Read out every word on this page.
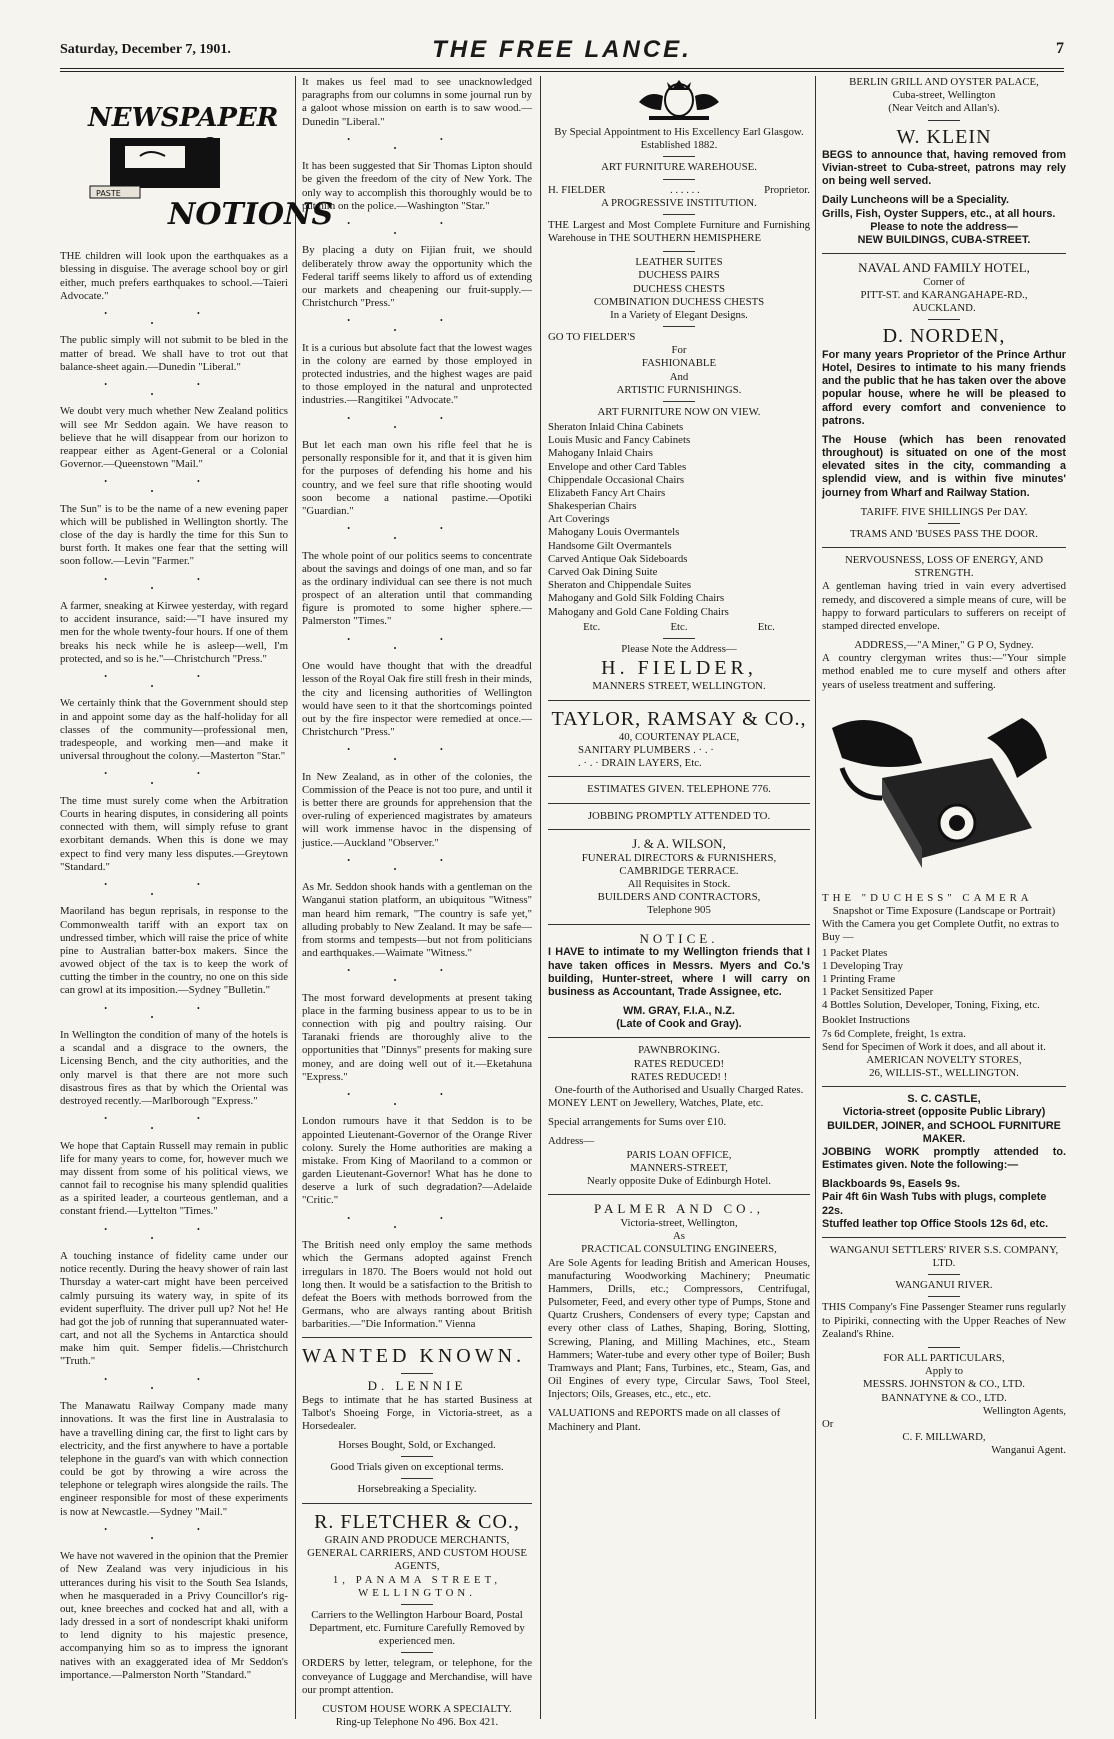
Saturday, December 7, 1901.	THE FREE LANCE.	7
NEWSPAPER
PASTE
NOTIONS

THE children will look upon the earthquakes as a blessing in disguise. The average school boy or girl either, much prefers earthquakes to school.—Taieri Advocate."

• • •

The public simply will not submit to be bled in the matter of bread. We shall have to trot out that balance-sheet again.—Dunedin "Liberal."

• • •

We doubt very much whether New Zealand politics will see Mr Seddon again. We have reason to believe that he will disappear from our horizon to reappear either as Agent-General or a Colonial Governor.—Queenstown "Mail."

• • •

The Sun" is to be the name of a new evening paper which will be published in Wellington shortly. The close of the day is hardly the time for this Sun to burst forth. It makes one fear that the setting will soon follow.—Levin "Farmer."

• • •

A farmer, sneaking at Kirwee yesterday, with regard to accident insurance, said:—"I have insured my men for the whole twenty-four hours. If one of them breaks his neck while he is asleep—well, I'm protected, and so is he."—Christchurch "Press."

• • •

We certainly think that the Government should step in and appoint some day as the half-holiday for all classes of the community—professional men, tradespeople, and working men—and make it universal throughout the colony.—Masterton "Star."

• • •

The time must surely come when the Arbitration Courts in hearing disputes, in considering all points connected with them, will simply refuse to grant exorbitant demands. When this is done we may expect to find very many less disputes.—Greytown "Standard."

• • •

Maoriland has begun reprisals, in response to the Commonwealth tariff with an export tax on undressed timber, which will raise the price of white pine to Australian batter-box makers. Since the avowed object of the tax is to keep the work of cutting the timber in the country, no one on this side can growl at its imposition.—Sydney "Bulletin."

• • •

In Wellington the condition of many of the hotels is a scandal and a disgrace to the owners, the Licensing Bench, and the city authorities, and the only marvel is that there are not more such disastrous fires as that by which the Oriental was destroyed recently.—Marlborough "Express."

• • •

We hope that Captain Russell may remain in public life for many years to come, for, however much we may dissent from some of his political views, we cannot fail to recognise his many splendid qualities as a spirited leader, a courteous gentleman, and a constant friend.—Lyttelton "Times."

• • •

A touching instance of fidelity came under our notice recently. During the heavy shower of rain last Thursday a water-cart might have been perceived calmly pursuing its watery way, in spite of its evident superfluity. The driver pull up? Not he! He had got the job of running that superannuated water-cart, and not all the Sychems in Antarctica should make him quit. Semper fidelis.—Christchurch "Truth."

• • •

The Manawatu Railway Company made many innovations. It was the first line in Australasia to have a travelling dining car, the first to light cars by electricity, and the first anywhere to have a portable telephone in the guard's van with which connection could be got by throwing a wire across the telephone or telegraph wires alongside the rails. The engineer responsible for most of these experiments is now at Newcastle.—Sydney "Mail."

• • •

We have not wavered in the opinion that the Premier of New Zealand was very injudicious in his utterances during his visit to the South Sea Islands, when he masqueraded in a Privy Councillor's rig-out, knee breeches and cocked hat and all, with a lady dressed in a sort of nondescript khaki uniform to lend dignity to his majestic presence, accompanying him so as to impress the ignorant natives with an exaggerated idea of Mr Seddon's importance.—Palmerston North "Standard."

It makes us feel mad to see unacknowledged paragraphs from our columns in some journal run by a galoot whose mission on earth is to saw wood.—Dunedin "Liberal."

• • •

It has been suggested that Sir Thomas Lipton should be given the freedom of the city of New York. The only way to accomplish this thoroughly would be to put him on the police.—Washington "Star."

• • •

By placing a duty on Fijian fruit, we should deliberately throw away the opportunity which the Federal tariff seems likely to afford us of extending our markets and cheapening our fruit-supply.—Christchurch "Press."

• • •

It is a curious but absolute fact that the lowest wages in the colony are earned by those employed in protected industries, and the highest wages are paid to those employed in the natural and unprotected industries.—Rangitikei "Advocate."

• • •

But let each man own his rifle feel that he is personally responsible for it, and that it is given him for the purposes of defending his home and his country, and we feel sure that rifle shooting would soon become a national pastime.—Opotiki "Guardian."

• • •

The whole point of our politics seems to concentrate about the savings and doings of one man, and so far as the ordinary individual can see there is not much prospect of an alteration until that commanding figure is promoted to some higher sphere.—Palmerston "Times."

• • •

One would have thought that with the dreadful lesson of the Royal Oak fire still fresh in their minds, the city and licensing authorities of Wellington would have seen to it that the shortcomings pointed out by the fire inspector were remedied at once.—Christchurch "Press."

• • •

In New Zealand, as in other of the colonies, the Commission of the Peace is not too pure, and until it is better there are grounds for apprehension that the over-ruling of experienced magistrates by amateurs will work immense havoc in the dispensing of justice.—Auckland "Observer."

• • •

As Mr. Seddon shook hands with a gentleman on the Wanganui station platform, an ubiquitous "Witness" man heard him remark, "The country is safe yet," alluding probably to New Zealand. It may be safe—from storms and tempests—but not from politicians and earthquakes.—Waimate "Witness."

• • •

The most forward developments at present taking place in the farming business appear to us to be in connection with pig and poultry raising. Our Taranaki friends are thoroughly alive to the opportunities that "Dinnys" presents for making sure money, and are doing well out of it.—Eketahuna "Express."

• • •

London rumours have it that Seddon is to be appointed Lieutenant-Governor of the Orange River colony. Surely the Home authorities are making a mistake. From King of Maoriland to a common or garden Lieutenant-Governor! What has he done to deserve a lurk of such degradation?—Adelaide "Critic."

• • •

The British need only employ the same methods which the Germans adopted against French irregulars in 1870. The Boers would not hold out long then. It would be a satisfaction to the British to defeat the Boers with methods borrowed from the Germans, who are always ranting about British barbarities.—"Die Information." Vienna

WANTED KNOWN.
D. LENNIE

Begs to intimate that he has started Business at Talbot's Shoeing Forge, in Victoria-street, as a Horsedealer.

Horses Bought, Sold, or Exchanged.
Good Trials given on exceptional terms.
Horsebreaking a Speciality.
R. FLETCHER & CO.,
GRAIN AND PRODUCE MERCHANTS, GENERAL CARRIERS, AND CUSTOM HOUSE AGENTS,
1, PANAMA STREET, WELLINGTON.
Carriers to the Wellington Harbour Board, Postal Department, etc. Furniture Carefully Removed by experienced men.

ORDERS by letter, telegram, or telephone, for the conveyance of Luggage and Merchandise, will have our prompt attention.

CUSTOM HOUSE WORK A SPECIALTY.
Ring-up Telephone No 496. Box 421.
By Special Appointment to His Excellency Earl Glasgow.
Established 1882.
ART FURNITURE WAREHOUSE.
H. FIELDER	. . . . . .	Proprietor.
A PROGRESSIVE INSTITUTION.

THE Largest and Most Complete Furniture and Furnishing Warehouse in THE SOUTHERN HEMISPHERE

LEATHER SUITES
DUCHESS PAIRS
DUCHESS CHESTS
COMBINATION DUCHESS CHESTS
In a Variety of Elegant Designs.
GO TO FIELDER'S
For
FASHIONABLE
And
ARTISTIC FURNISHINGS.
ART FURNITURE NOW ON VIEW.
Sheraton Inlaid China Cabinets
Louis Music and Fancy Cabinets
Mahogany Inlaid Chairs
Envelope and other Card Tables
Chippendale Occasional Chairs
Elizabeth Fancy Art Chairs
Shakesperian Chairs
Art Coverings
Mahogany Louis Overmantels
Handsome Gilt Overmantels
Carved Antique Oak Sideboards
Carved Oak Dining Suite
Sheraton and Chippendale Suites
Mahogany and Gold Silk Folding Chairs
Mahogany and Gold Cane Folding Chairs
Etc.	Etc.	Etc.
Please Note the Address—
H. FIELDER,
MANNERS STREET, WELLINGTON.
TAYLOR, RAMSAY & CO.,
40, COURTENAY PLACE,
SANITARY PLUMBERS . · . ·
. · . · DRAIN LAYERS, Etc.
ESTIMATES GIVEN. TELEPHONE 776.
JOBBING PROMPTLY ATTENDED TO.
J. & A. WILSON,
FUNERAL DIRECTORS & FURNISHERS,
CAMBRIDGE TERRACE.
All Requisites in Stock.
BUILDERS AND CONTRACTORS,
Telephone 905
NOTICE.

I HAVE to intimate to my Wellington friends that I have taken offices in Messrs. Myers and Co.'s building, Hunter-street, where I will carry on business as Accountant, Trade Assignee, etc.

WM. GRAY, F.I.A., N.Z.
(Late of Cook and Gray).
PAWNBROKING.
RATES REDUCED!
RATES REDUCED! !
One-fourth of the Authorised and Usually Charged Rates.

MONEY LENT on Jewellery, Watches, Plate, etc.

Special arrangements for Sums over £10.

Address—
PARIS LOAN OFFICE,
MANNERS-STREET,
Nearly opposite Duke of Edinburgh Hotel.
PALMER AND CO.,
Victoria-street, Wellington,
As
PRACTICAL CONSULTING ENGINEERS,

Are Sole Agents for leading British and American Houses, manufacturing Woodworking Machinery; Pneumatic Hammers, Drills, etc.; Compressors, Centrifugal, Pulsometer, Feed, and every other type of Pumps, Stone and Quartz Crushers, Condensers of every type; Capstan and every other class of Lathes, Shaping, Boring, Slotting, Screwing, Planing, and Milling Machines, etc., Steam Hammers; Water-tube and every other type of Boiler; Bush Tramways and Plant; Fans, Turbines, etc., Steam, Gas, and Oil Engines of every type, Circular Saws, Tool Steel, Injectors; Oils, Greases, etc., etc., etc.

VALUATIONS and REPORTS made on all classes of Machinery and Plant.
BERLIN GRILL AND OYSTER PALACE,
Cuba-street, Wellington
(Near Veitch and Allan's).
W. KLEIN

BEGS to announce that, having removed from Vivian-street to Cuba-street, patrons may rely on being well served.

Daily Luncheons will be a Speciality.
Grills, Fish, Oyster Suppers, etc., at all hours.
Please to note the address—
NEW BUILDINGS, CUBA-STREET.
NAVAL AND FAMILY HOTEL,
Corner of
PITT-ST. and KARANGAHAPE-RD.,
AUCKLAND.
D. NORDEN,

For many years Proprietor of the Prince Arthur Hotel, Desires to intimate to his many friends and the public that he has taken over the above popular house, where he will be pleased to afford every comfort and convenience to patrons.

The House (which has been renovated throughout) is situated on one of the most elevated sites in the city, commanding a splendid view, and is within five minutes' journey from Wharf and Railway Station.

TARIFF. FIVE SHILLINGS Per DAY.
TRAMS AND 'BUSES PASS THE DOOR.
NERVOUSNESS, LOSS OF ENERGY, AND STRENGTH.

A gentleman having tried in vain every advertised remedy, and discovered a simple means of cure, will be happy to forward particulars to sufferers on receipt of stamped directed envelope.

ADDRESS,—"A Miner," G P O, Sydney.

A country clergyman writes thus:—"Your simple method enabled me to cure myself and others after years of useless treatment and suffering.

THE "DUCHESS" CAMERA
Snapshot or Time Exposure (Landscape or Portrait)
With the Camera you get Complete Outfit, no extras to Buy —
1 Packet Plates
1 Developing Tray
1 Printing Frame
1 Packet Sensitized Paper
4 Bottles Solution, Developer, Toning, Fixing, etc.
Booklet Instructions
7s 6d Complete, freight, 1s extra.
Send for Specimen of Work it does, and all about it.
AMERICAN NOVELTY STORES,
26, WILLIS-ST., WELLINGTON.
S. C. CASTLE,
Victoria-street (opposite Public Library)
BUILDER, JOINER, and SCHOOL FURNITURE MAKER.

JOBBING WORK promptly attended to. Estimates given. Note the following:—

Blackboards 9s, Easels 9s.
Pair 4ft 6in Wash Tubs with plugs, complete 22s.
Stuffed leather top Office Stools 12s 6d, etc.
WANGANUI SETTLERS' RIVER S.S. COMPANY, LTD.
WANGANUI RIVER.

THIS Company's Fine Passenger Steamer runs regularly to Pipiriki, connecting with the Upper Reaches of New Zealand's Rhine.

FOR ALL PARTICULARS,
Apply to
MESSRS. JOHNSTON & CO., LTD.
BANNATYNE & CO., LTD.
Wellington Agents,
Or
C. F. MILLWARD,
Wanganui Agent.
